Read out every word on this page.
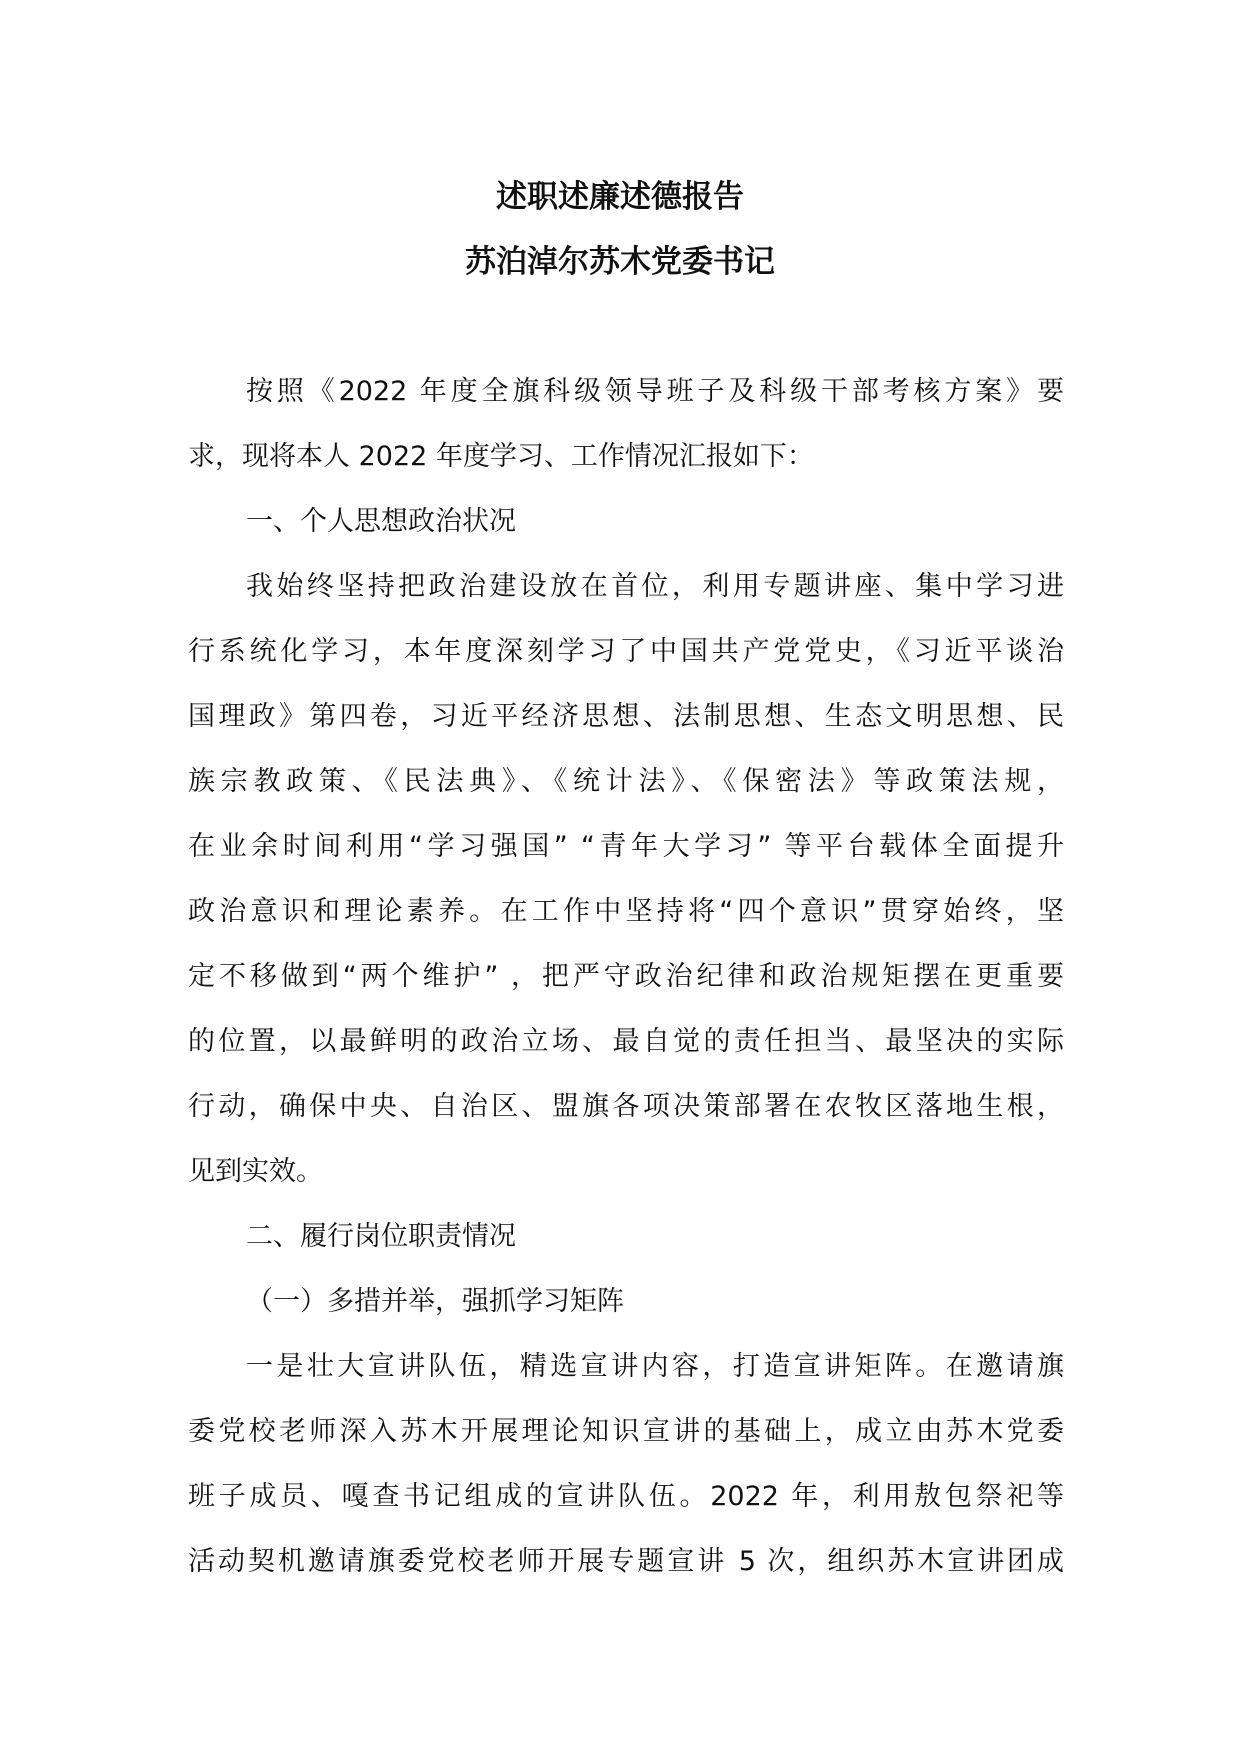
述职述廉述德报告
苏泊淖尔苏木党委书记
按照《2022 年度全旗科级领导班子及科级干部考核方案》要
求，现将本人 2022 年度学习、工作情况汇报如下：
一、个人思想政治状况
我始终坚持把政治建设放在首位，利用专题讲座、集中学习进
行系统化学习，本年度深刻学习了中国共产党党史，《习近平谈治
国理政》第四卷，习近平经济思想、法制思想、生态文明思想、民
族宗教政策、《民法典》、《统计法》、《保密法》等政策法规，
在业余时间利用“学习强国” “青年大学习” 等平台载体全面提升
政治意识和理论素养。在工作中坚持将“四个意识”贯穿始终，坚
定不移做到“两个维护” ，把严守政治纪律和政治规矩摆在更重要
的位置，以最鲜明的政治立场、最自觉的责任担当、最坚决的实际
行动，确保中央、自治区、盟旗各项决策部署在农牧区落地生根，
见到实效。
二、履行岗位职责情况
（一）多措并举，强抓学习矩阵
一是壮大宣讲队伍，精选宣讲内容，打造宣讲矩阵。在邀请旗
委党校老师深入苏木开展理论知识宣讲的基础上，成立由苏木党委
班子成员、嘎查书记组成的宣讲队伍。2022 年，利用敖包祭祀等
活动契机邀请旗委党校老师开展专题宣讲 5 次，组织苏木宣讲团成
